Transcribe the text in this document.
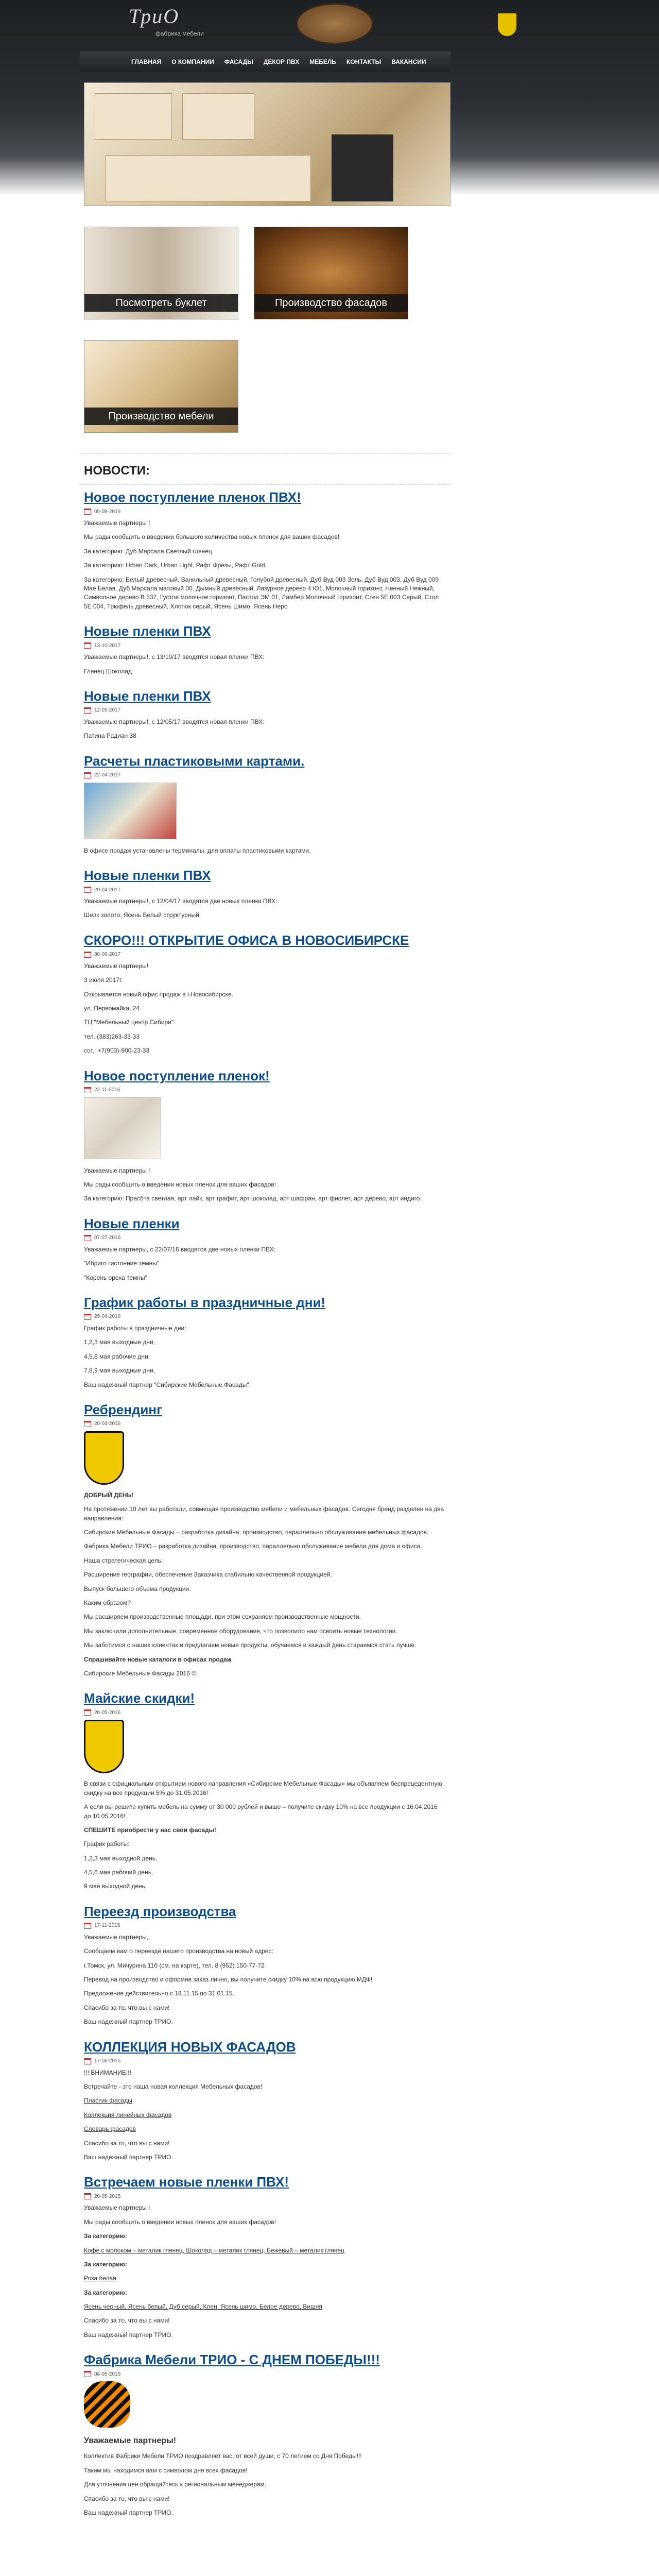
ТриО
фабрика мебели
ГЛАВНАЯ О КОМПАНИИ ФАСАДЫ ДЕКОР ПВХ МЕБЕЛЬ КОНТАКТЫ ВАКАНСИИ
Посмотреть буклет	Производство фасадов
Производство мебели
НОВОСТИ:
Новое поступление пленок ПВХ!
05-08-2019

Уважаемые партнеры !

Мы рады сообщить о введении большого количества новых пленок для ваших фасадов!

За категорию: Дуб Марсала Светлый глянец

За категорию: Urban Dark, Urban Light, Рафт Фрезы, Рафт Gold,

За категорию: Белый древесный, Ванильный древесный, Голубой древесный, Дуб Вуд 003 Зель, Дуб Вуд 003, Дуб Вуд 009 Мае Белая, Дуб Марсала матовый 00, Дымный древесный, Лазурное дерево 4 Ю1, Молочный горизонт, Ненный Нежный, Символное дерево В 537, Густое молочное горизонт, Пастол ЭМ 01, Ламбер Молочный горизонт, Стен 5Е 003 Серый, Стол 5Е 004, Трюфель древесный, Хлопок серый, Ясень Шимо, Ясень Неро

Новые пленки ПВХ
13-10-2017

Уважаемые партнеры!, с 13/10/17 вводятся новая пленки ПВХ:

Глянец Шоколад

Новые пленки ПВХ
12-05-2017

Уважаемые партнеры!, с 12/05/17 вводятся новая пленки ПВХ:

Патина Радиан 38

Расчеты пластиковыми картами.
22-04-2017

В офисе продаж установлены терминалы, для оплаты пластиковыми картами.

Новые пленки ПВХ
20-04-2017

Уважаемые партнеры!, с 12/04/17 вводятся две новых пленки ПВХ:

Шелк золото, Ясень Белый структурный

СКОРО!!! ОТКРЫТИЕ ОФИСА В НОВОСИБИРСКЕ
30-06-2017

Уважаемые партнеры!

3 июля 2017г.

Открывается новый офис продаж в г.Новосибирске.

ул. Первомайка, 24

ТЦ "Мебельный центр Сибири"

тел. (383)263-33-33

сот.: +7(903)-900-23-33

Новое поступление пленок!
22-11-2016

Уважаемые партнеры !

Мы рады сообщить о введении новых пленок для ваших фасадов!

За категорию: Прасбта светлая, арт лайк, арт графит, арт шоколад, арт шафран, арт фиолет, арт дерево, арт индиго.

Новые пленки
07-07-2016

Уважаемые партнеры, с 22/07/16 вводятся две новых пленки ПВХ:

"Ибриго гистонние темны"

"Корень ореха темны"

График работы в праздничные дни!
29-04-2016

График работы в праздничные дни:

1,2,3 мая выходные дни,

4,5,6 мая рабочие дни,

7,8,9 мая выходные дни,

Ваш надежный партнер "Сибирские Мебельные Фасады".

Ребрендинг
20-04-2016

ДОБРЫЙ ДЕНЬ!

На протяжении 10 лет вы работали, совмещая производство мебели и мебельных фасадов. Сегодня бренд разделен на два направления:

Сибирские Мебельные Фасады – разработка дизайна, производство, параллельно обслуживание мебельных фасадов.

Фабрика Мебели ТРИО – разработка дизайна, производство, параллельно обслуживание мебели для дома и офиса.

Наша стратегическая цель:

Расширение географии, обеспечение Заказчика стабильно качественной продукцией.

Выпуск большего объема продукции.

Каким образом?

Мы расширяем производственные площади, при этом сохраняем производственные мощности.

Мы заключили дополнительные, современное оборудование, что позволило нам освоить новые технологии.

Мы заботимся о наших клиентах и предлагаем новые продукты, обучаемся и каждый день стараемся стать лучше.

Спрашивайте новые каталоги в офисах продаж

Сибирские Мебельные Фасады 2016 ©

Майские скидки!
20-05-2016

В связи с официальным открытием нового направления «Сибирские Мебельные Фасады» мы объявляем беспрецедентную скидку на все продукции 5% до 31.05.2016!

А если вы решите купить мебель на сумму от 30 000 рублей и выше – получите скидку 10% на все продукции с 16.04.2016 до 10.05.2016!

СПЕШИТЕ приобрести у нас свои фасады!

График работы:

1,2,3 мая выходной день,

4,5,6 мая рабочий день,

9 мая выходной день.

Переезд производства
17-11-2015

Уважаемые партнеры,

Сообщаем вам о переезде нашего производства на новый адрес:

г.Томск, ул. Мичурина 11б (см. на карте), тел. 8 (952) 150-77-72

Перевод на производство и оформив заказ лично, вы получите скидку 10% на всю продукцию МДФ!

Предложение действительно с 18.11.15 по 31.01.15.

Спасибо за то, что вы с нами!

Ваш надежный партнер ТРИО.

КОЛЛЕКЦИЯ НОВЫХ ФАСАДОВ
17-06-2015

!!! ВНИМАНИЕ!!!

Встречайте - это наша новая коллекция Мебельных фасадов!

Пластик фасады

Коллекция линейных фасадов

Словарь фасадов

Спасибо за то, что вы с нами!

Ваш надежный партнер ТРИО.

Встречаем новые пленки ПВХ!
20-05-2015

Уважаемые партнеры !

Мы рады сообщить о введении новых пленок для ваших фасадов!

За категорию:

Кофе с молоком – металик глянец, Шоколад – металик глянец, Бежевый – металик глянец

За категорию:

Роза белая

За категорию:

Ясень черный, Ясень белый, Дуб серый, Клен, Ясень шимо, Белое дерево, Вишня

Спасибо за то, что вы с нами!

Ваш надежный партнер ТРИО.

Фабрика Мебели ТРИО - С ДНЕМ ПОБЕДЫ!!!
08-05-2015

Уважаемые партнеры!

Коллектив Фабрики Мебели ТРИО поздравляет вас, от всей души, с 70 летием со Дня Победы!!!

Таким мы находимся вам с символом дня всех фасадов!

Для уточнения цен обращайтесь к региональным менеджерам.

Спасибо за то, что вы с нами!

Ваш надежный партнер ТРИО.
